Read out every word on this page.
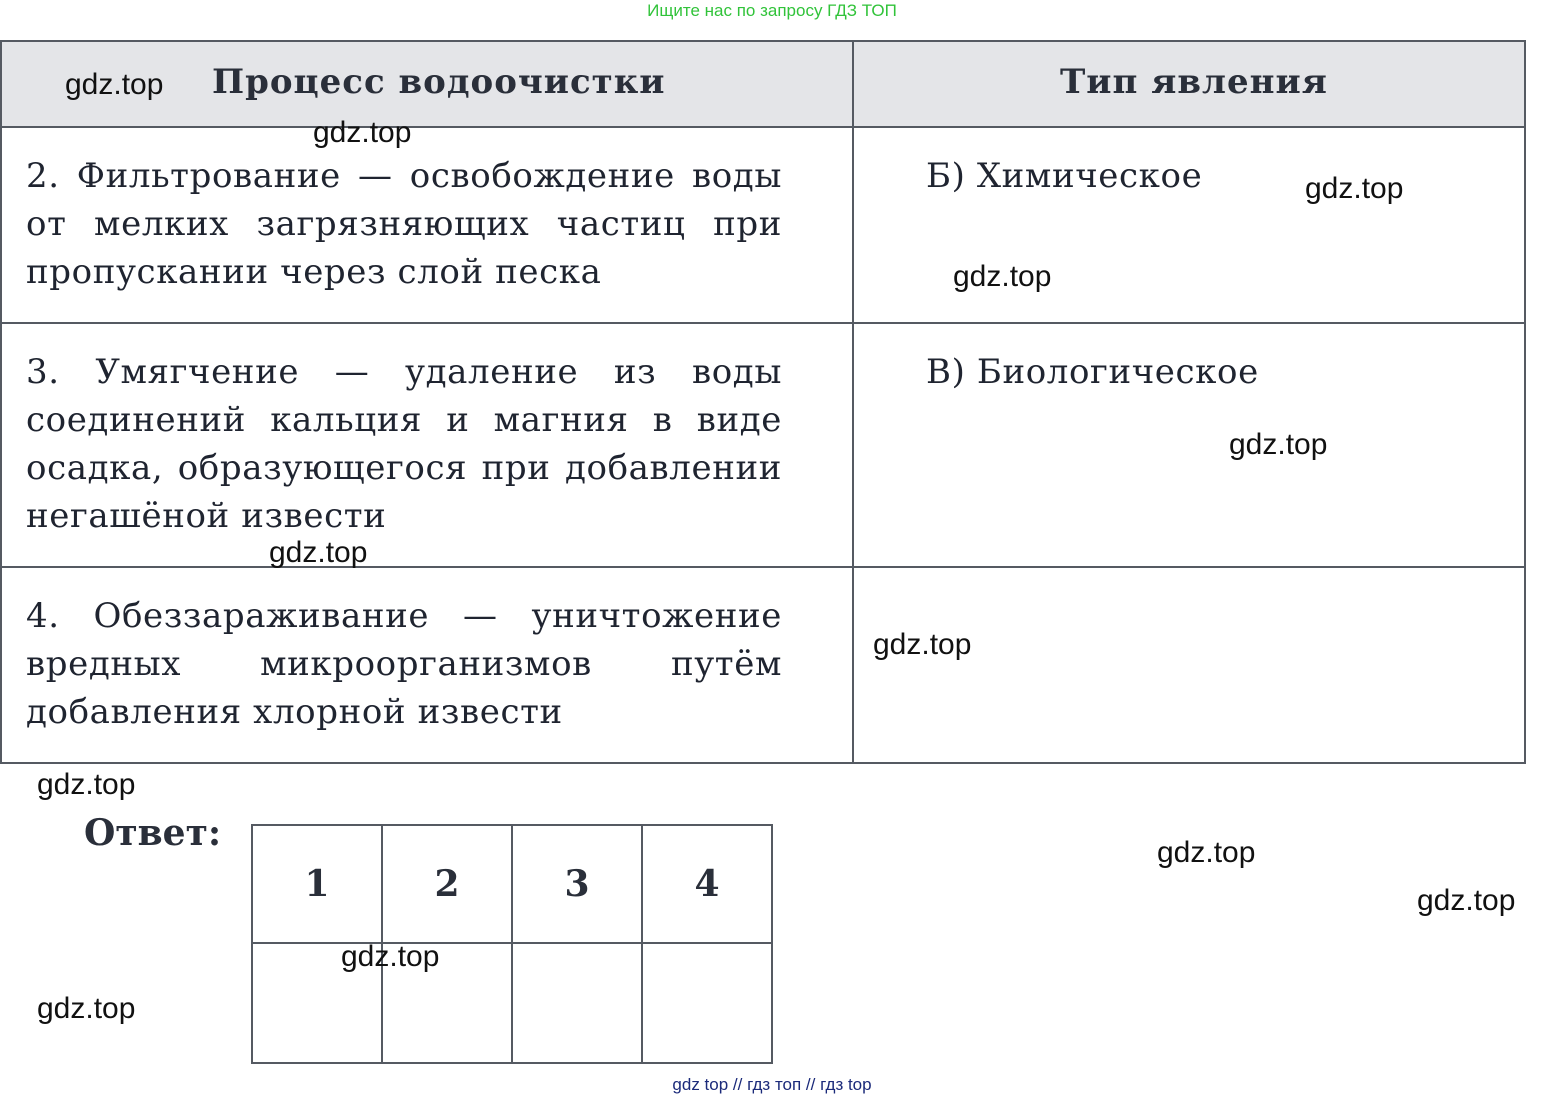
Ищите нас по запросу ГДЗ ТОП
Процесс водоочистки	Тип явления
2. Фильтрование — освобождение воды от мелких загрязняющих частиц при пропускании через слой песка	Б) Химическое
3. Умягчение — удаление из воды соединений кальция и магния в виде осадка, образующегося при добавлении негашёной извести	В) Биологическое
4. Обеззараживание — уничтожение вредных микроорганизмов путём добавления хлорной извести	
Ответ:
1	2	3	4

gdz.top
gdz.top
gdz.top
gdz.top
gdz.top
gdz.top
gdz.top
gdz.top
gdz.top
gdz.top
gdz.top
gdz.top
gdz top // гдз топ // гдз top
